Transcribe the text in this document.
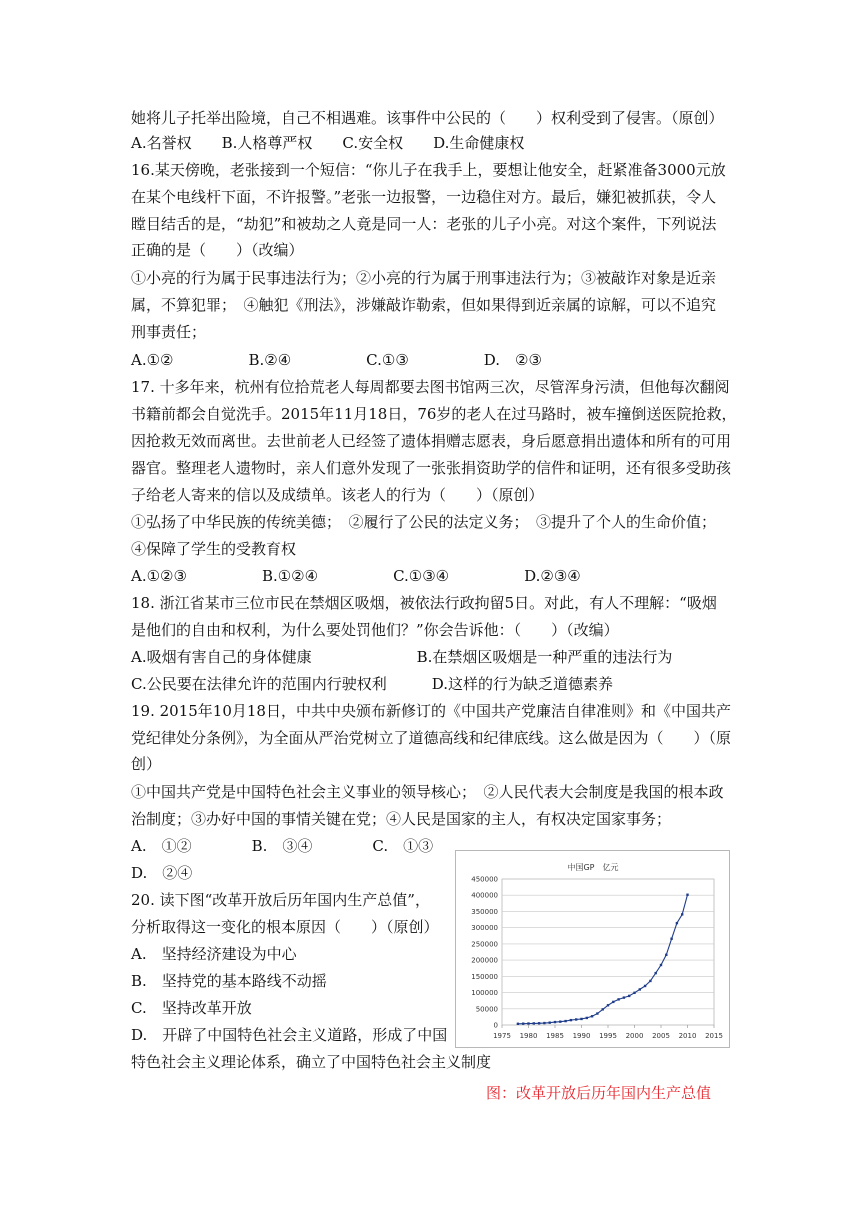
她将儿子托举出险境，自己不相遇难。该事件中公民的（　　）权利受到了侵害。（原创）
A.名誉权　　B.人格尊严权　　C.安全权　　D.生命健康权
16.某天傍晚，老张接到一个短信：“你儿子在我手上，要想让他安全，赶紧准备3000元放
在某个电线杆下面，不许报警。”老张一边报警，一边稳住对方。最后，嫌犯被抓获，令人
瞠目结舌的是，“劫犯”和被劫之人竟是同一人：老张的儿子小亮。对这个案件，下列说法
正确的是（　　）（改编）
①小亮的行为属于民事违法行为；②小亮的行为属于刑事违法行为；③被敲诈对象是近亲
属，不算犯罪；　④触犯《刑法》，涉嫌敲诈勒索，但如果得到近亲属的谅解，可以不追究
刑事责任；
A.①②　　　　　B.②④　　　　　C.①③　　　　　D.　②③
17. 十多年来，杭州有位拾荒老人每周都要去图书馆两三次，尽管浑身污渍，但他每次翻阅
书籍前都会自觉洗手。2015年11月18日，76岁的老人在过马路时，被车撞倒送医院抢救，
因抢救无效而离世。去世前老人已经签了遗体捐赠志愿表，身后愿意捐出遗体和所有的可用
器官。整理老人遗物时，亲人们意外发现了一张张捐资助学的信件和证明，还有很多受助孩
子给老人寄来的信以及成绩单。该老人的行为（　　）（原创）
①弘扬了中华民族的传统美德；　②履行了公民的法定义务；　③提升了个人的生命价值；
④保障了学生的受教育权
A.①②③　　　　　B.①②④　　　　　C.①③④　　　　　D.②③④
18. 浙江省某市三位市民在禁烟区吸烟，被依法行政拘留5日。对此，有人不理解：“吸烟
是他们的自由和权利，为什么要处罚他们？”你会告诉他：（　　）（改编）
A.吸烟有害自己的身体健康　　　　　　　B.在禁烟区吸烟是一种严重的违法行为
C.公民要在法律允许的范围内行驶权利　　　D.这样的行为缺乏道德素养
19. 2015年10月18日，中共中央颁布新修订的《中国共产党廉洁自律准则》和《中国共产
党纪律处分条例》，为全面从严治党树立了道德高线和纪律底线。这么做是因为（　　）（原
创）
①中国共产党是中国特色社会主义事业的领导核心；　②人民代表大会制度是我国的根本政
治制度；③办好中国的事情关键在党；④人民是国家的主人，有权决定国家事务；
A.　①②　　　　B.　③④　　　　C.　①③
D.　②④
20. 读下图“改革开放后历年国内生产总值”，
分析取得这一变化的根本原因（　　）（原创）
A.　坚持经济建设为中心
B.　坚持党的基本路线不动摇
C.　坚持改革开放
D.　开辟了中国特色社会主义道路，形成了中国
特色社会主义理论体系，确立了中国特色社会主义制度
中国GP　亿元
0
50000
100000
150000
200000
250000
300000
350000
400000
450000
1975 1980 1985 1990 1995 2000 2005 2010 2015
图：改革开放后历年国内生产总值
